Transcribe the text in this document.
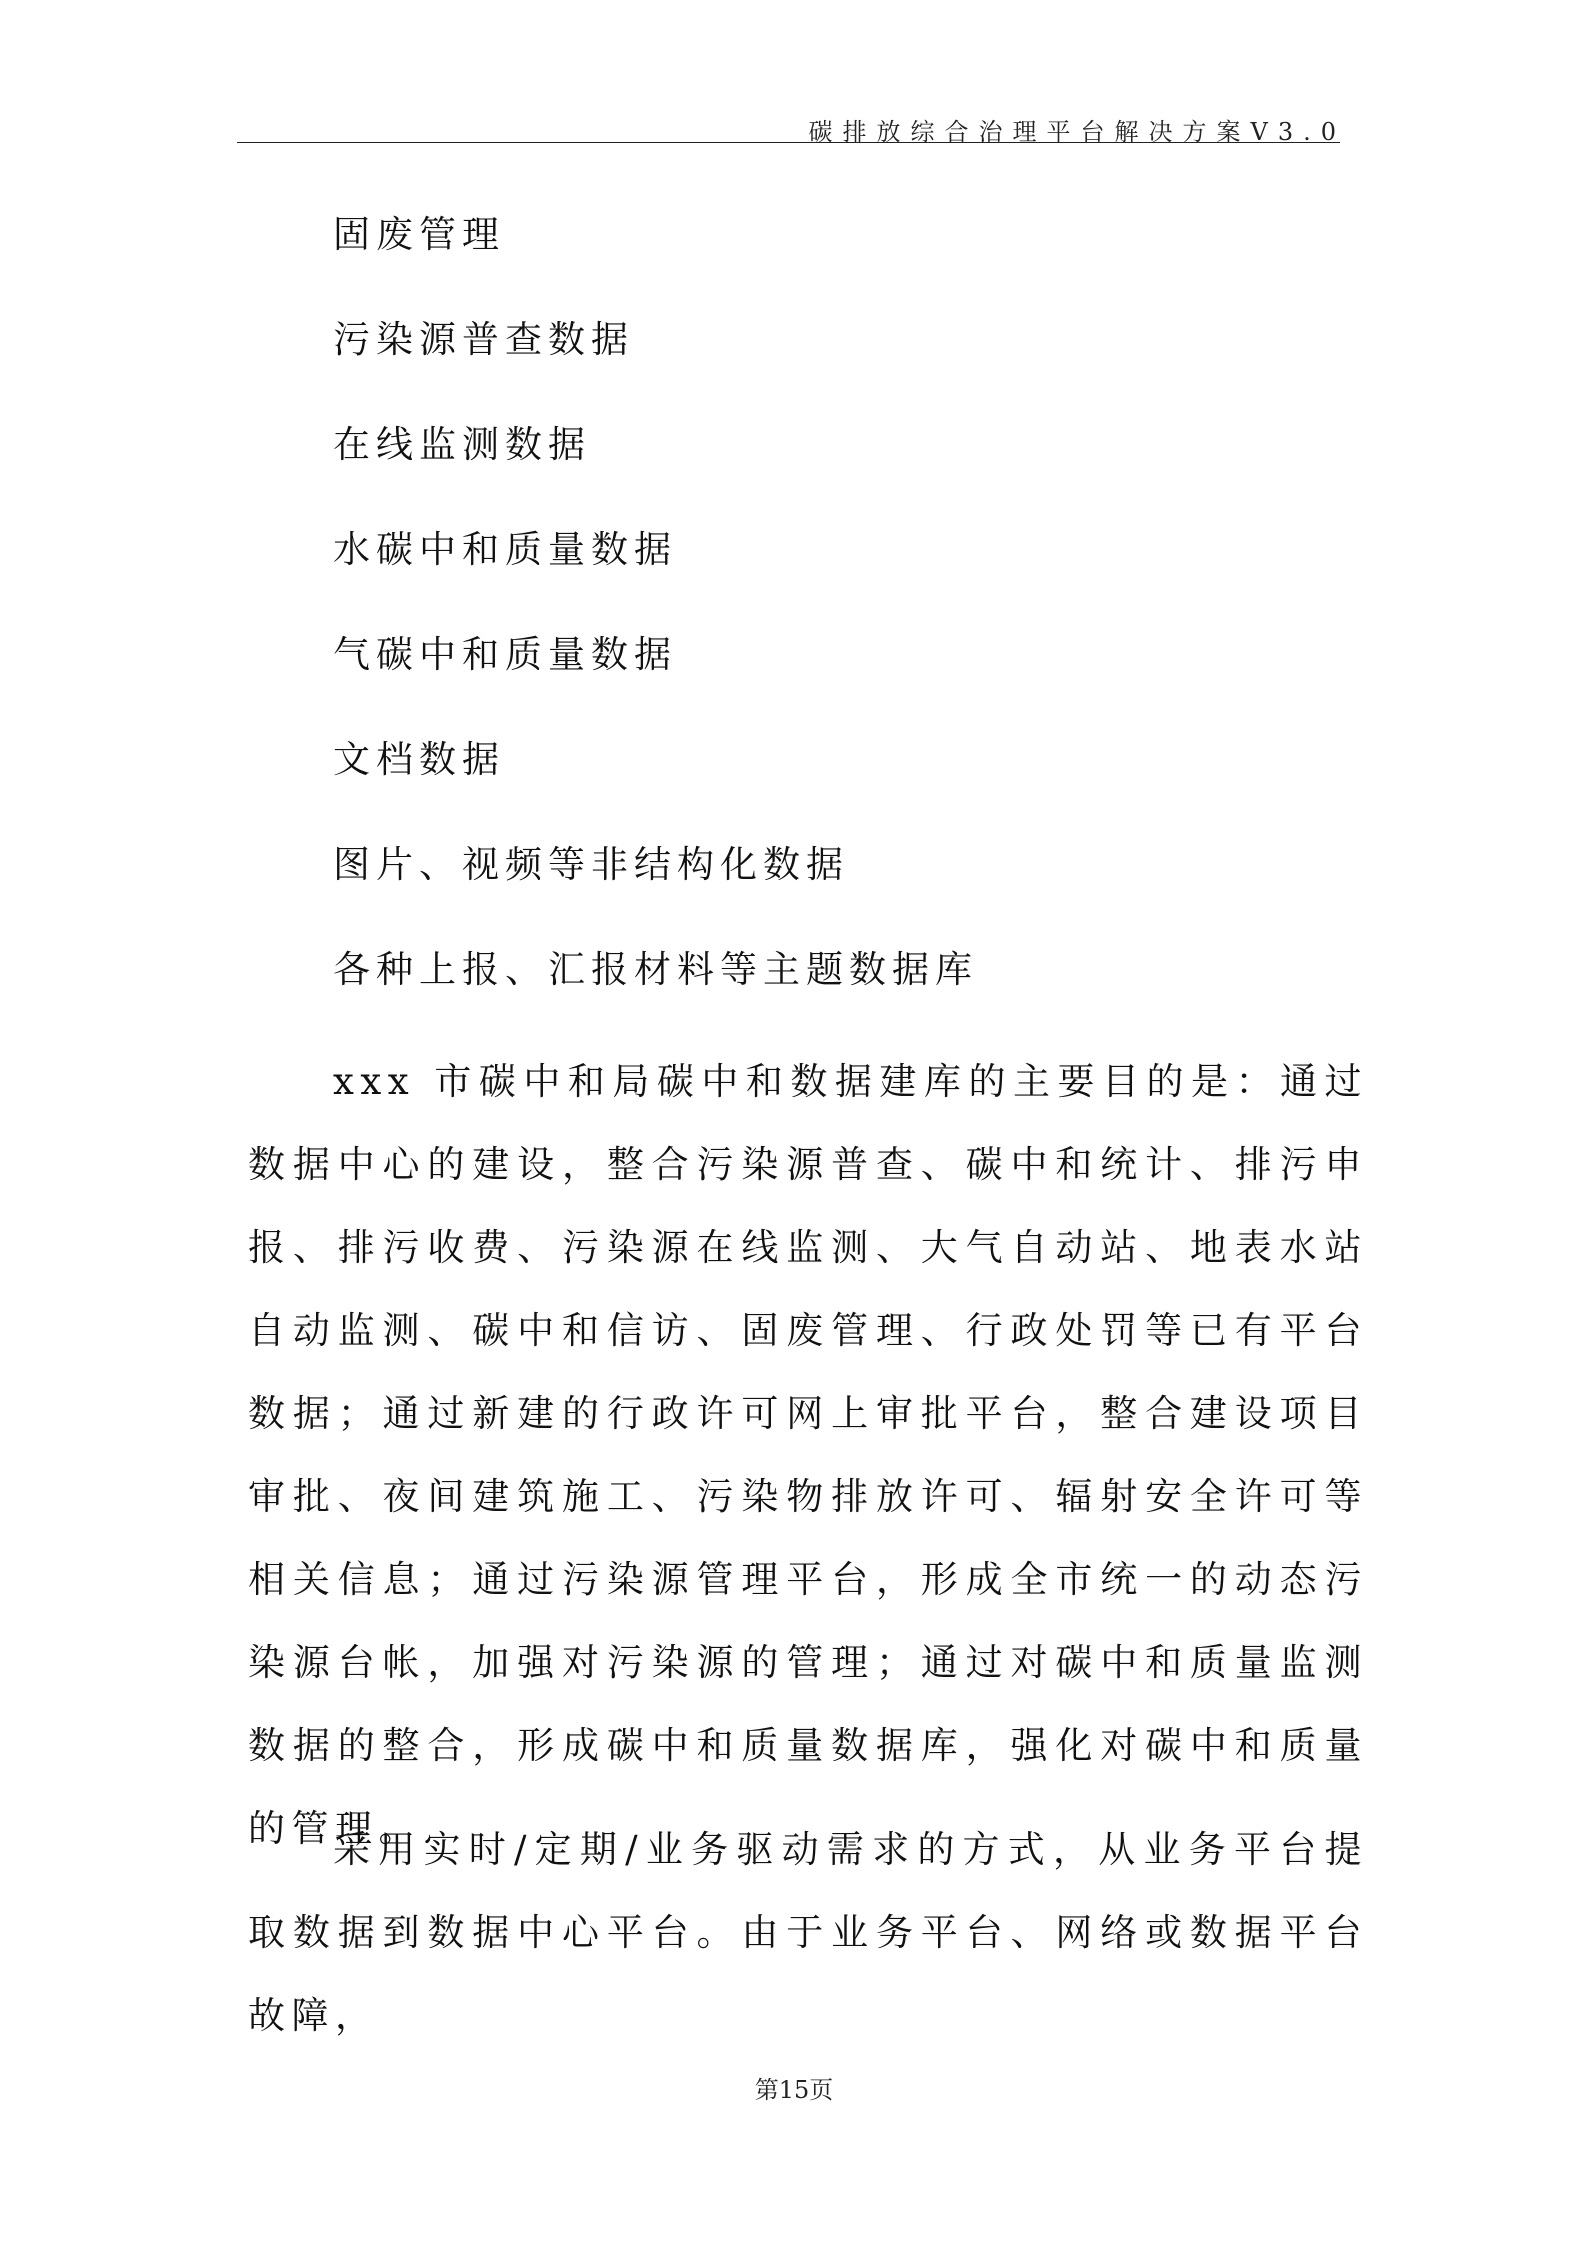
碳排放综合治理平台解决方案V3.0
固废管理
污染源普查数据
在线监测数据
水碳中和质量数据
气碳中和质量数据
文档数据
图片、视频等非结构化数据
各种上报、汇报材料等主题数据库

xxx 市碳中和局碳中和数据建库的主要目的是：通过数据中心的建设，整合污染源普查、碳中和统计、排污申报、排污收费、污染源在线监测、大气自动站、地表水站自动监测、碳中和信访、固废管理、行政处罚等已有平台数据；通过新建的行政许可网上审批平台，整合建设项目审批、夜间建筑施工、污染物排放许可、辐射安全许可等相关信息；通过污染源管理平台，形成全市统一的动态污染源台帐，加强对污染源的管理；通过对碳中和质量监测数据的整合，形成碳中和质量数据库，强化对碳中和质量的管理。

采用实时/定期/业务驱动需求的方式，从业务平台提取数据到数据中心平台。由于业务平台、网络或数据平台故障，

第15页
